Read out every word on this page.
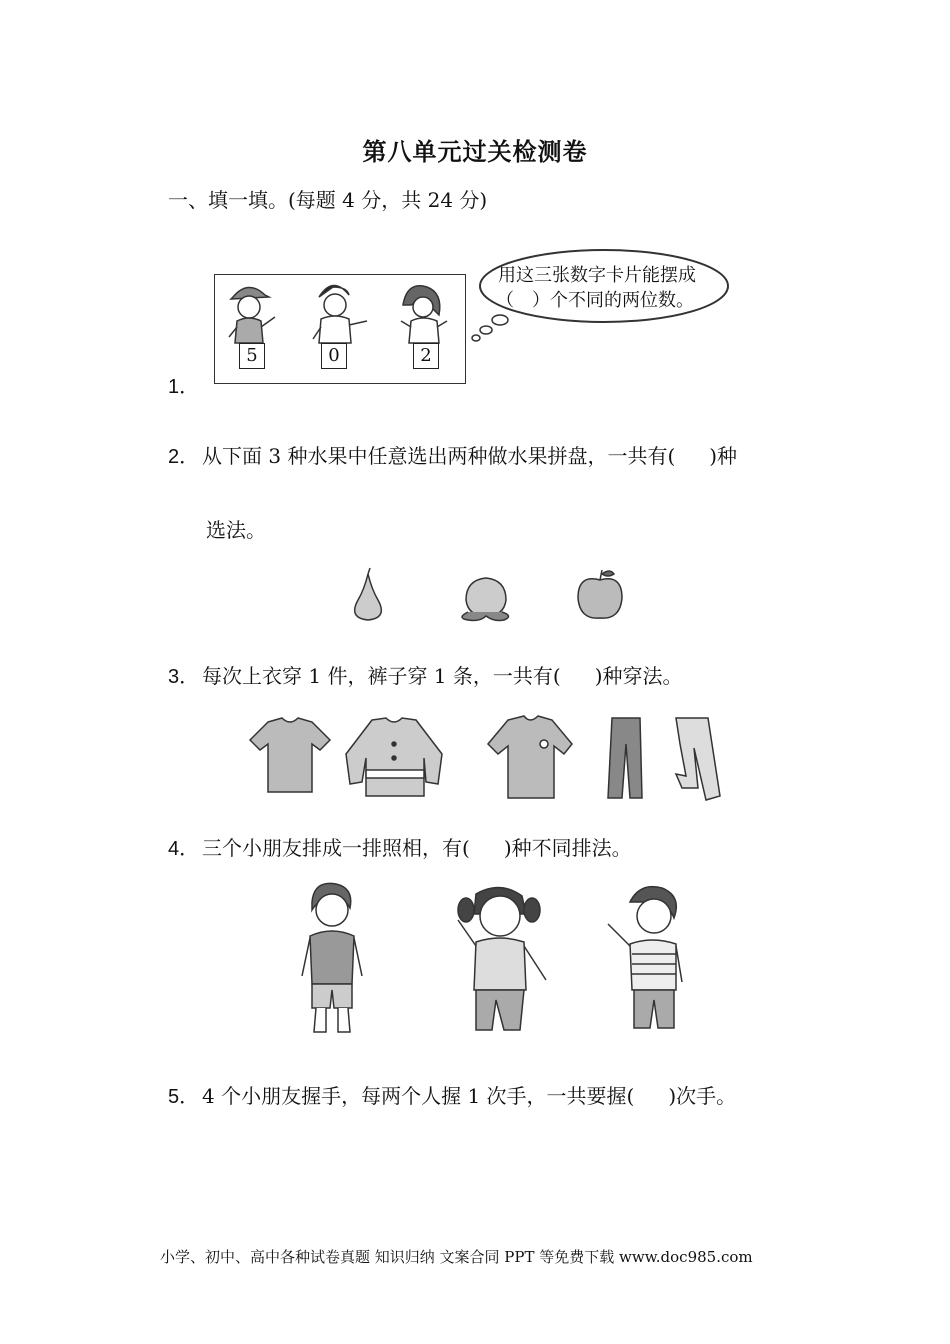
第八单元过关检测卷
一、填一填。(每题 4 分，共 24 分)
1．
5	0	2
用这三张数字卡片能摆成
（ ）个不同的两位数。
2． 从下面 3 种水果中任意选出两种做水果拼盘，一共有( )种
选法。
3． 每次上衣穿 1 件，裤子穿 1 条，一共有( )种穿法。
4． 三个小朋友排成一排照相，有( )种不同排法。
5． 4 个小朋友握手，每两个人握 1 次手，一共要握( )次手。
小学、初中、高中各种试卷真题 知识归纳 文案合同 PPT 等免费下载 www.doc985.com
